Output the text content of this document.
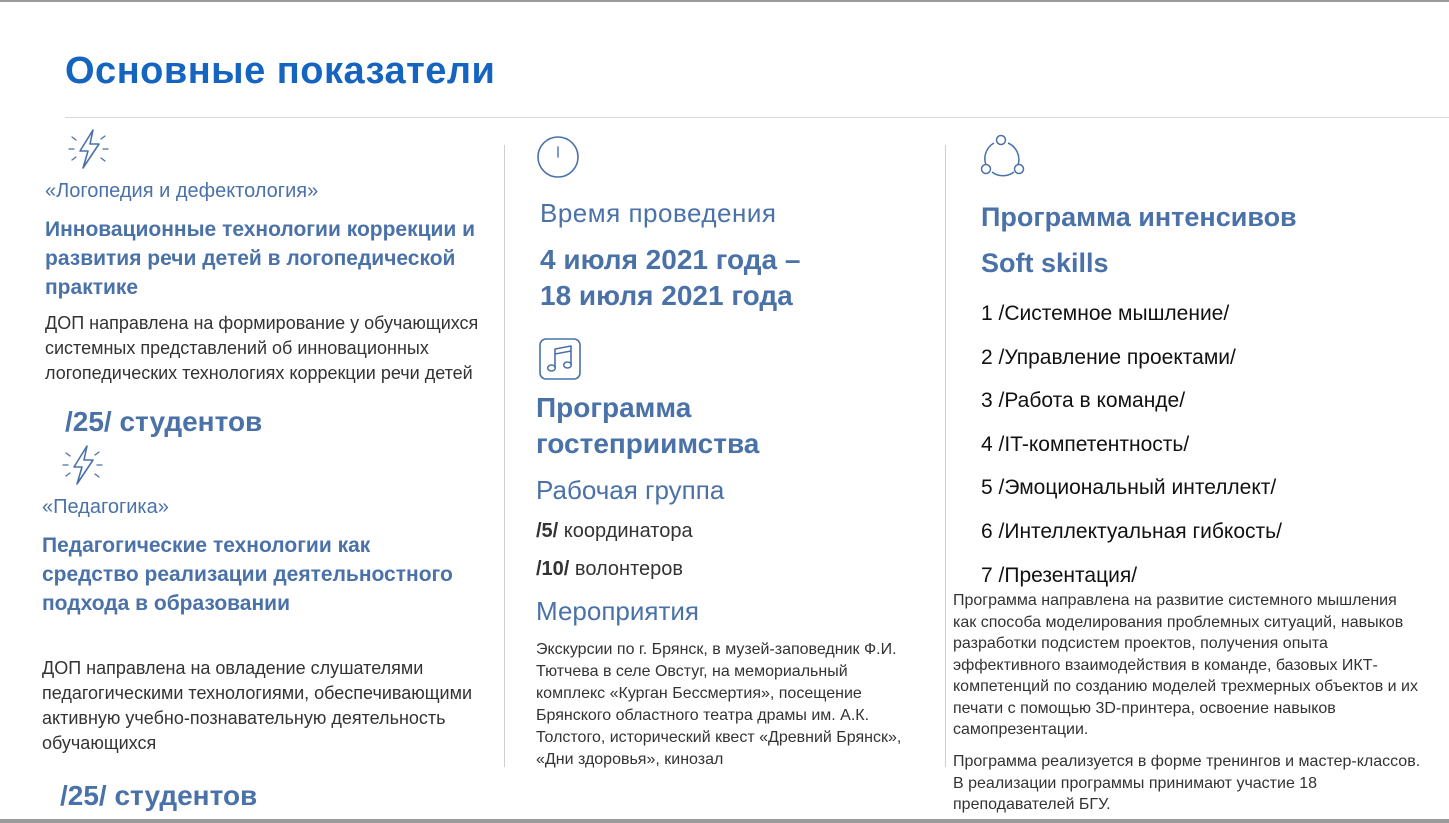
Основные показатели

«Логопедия и дефектология»

Инновационные технологии коррекции и развития речи детей в логопедической практике

ДОП направлена на формирование у обучающихся системных представлений об инновационных логопедических технологиях коррекции речи детей

/25/ студентов

«Педагогика»

Педагогические технологии как средство реализации деятельностного подхода в образовании

ДОП направлена на овладение слушателями педагогическими технологиями, обеспечивающими активную учебно-познавательную деятельность обучающихся

/25/ студентов

Время проведения

4 июля 2021 года –

18 июля 2021 года

Программа

гостеприимства

Рабочая группа

/5/ координатора

/10/ волонтеров

Мероприятия

Экскурсии по г. Брянск, в музей-заповедник Ф.И. Тютчева в селе Овстуг, на мемориальный комплекс «Курган Бессмертия», посещение Брянского областного театра драмы им. А.К. Толстого, исторический квест «Древний Брянск», «Дни здоровья», кинозал

Программа интенсивов

Soft skills

1 /Системное мышление/
2 /Управление проектами/
3 /Работа в команде/
4 /IT-компетентность/
5 /Эмоциональный интеллект/
6 /Интеллектуальная гибкость/
7 /Презентация/

Программа направлена на развитие системного мышления как способа моделирования проблемных ситуаций, навыков разработки подсистем проектов, получения опыта эффективного взаимодействия в команде, базовых ИКТ-компетенций по созданию моделей трехмерных объектов и их печати с помощью 3D-принтера, освоение навыков самопрезентации.

Программа реализуется в форме тренингов и мастер-классов. В реализации программы принимают участие 18 преподавателей БГУ.
